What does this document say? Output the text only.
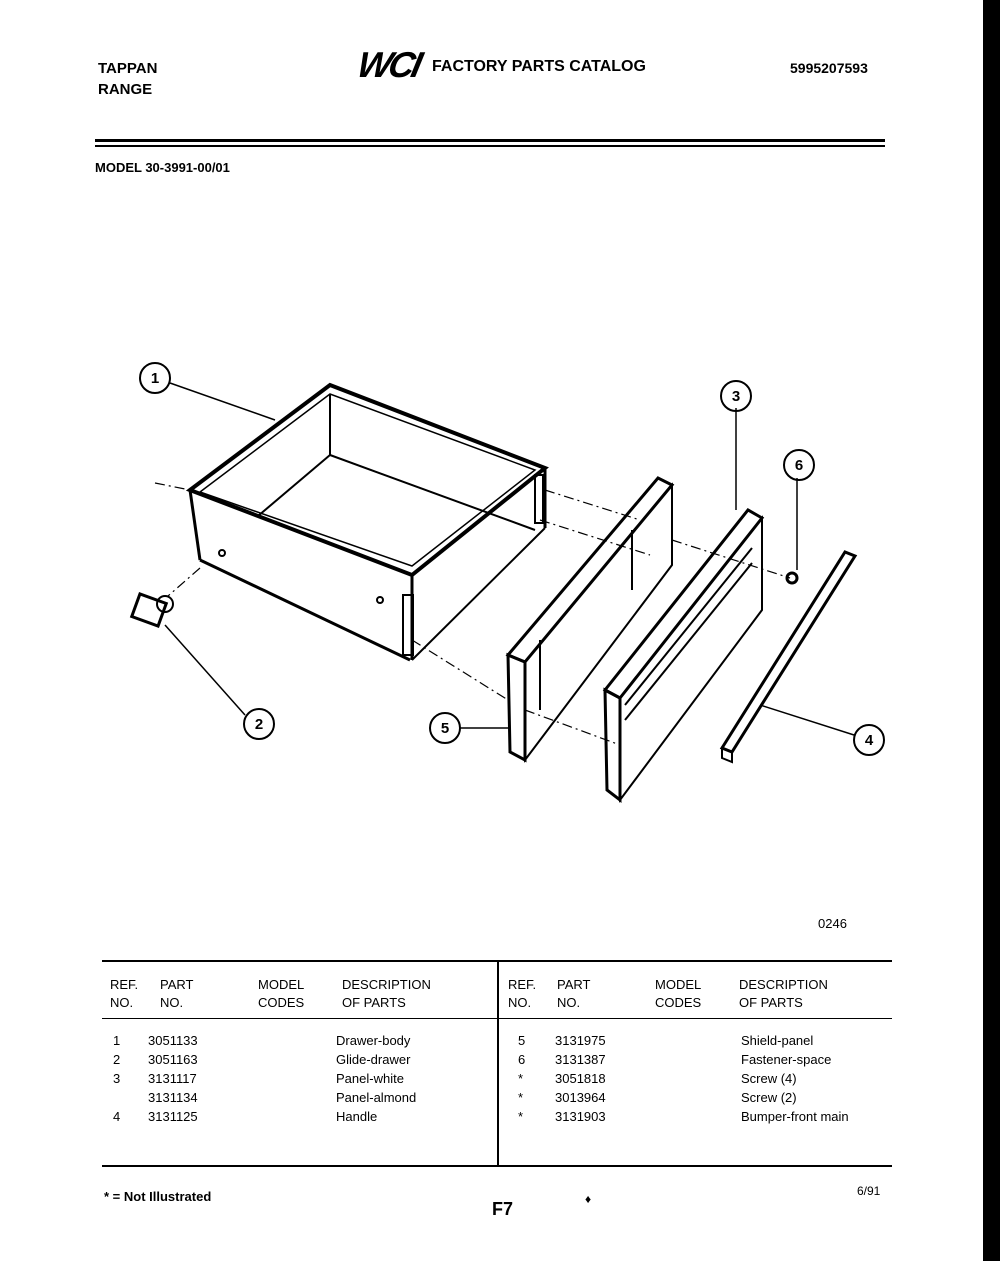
TAPPAN
RANGE
WCI FACTORY PARTS CATALOG	5995207593
MODEL 30-3991-00/01
1
2
3
4
5
6
0246
REF.
NO.
PART
NO.
MODEL
CODES
DESCRIPTION
OF PARTS
REF.
NO.
PART
NO.
MODEL
CODES
DESCRIPTION
OF PARTS
1
2
3

4
3051133
3051163
3131117
3131134
3131125
Drawer-body
Glide-drawer
Panel-white
Panel-almond
Handle
5
6
*
*
*
3131975
3131387
3051818
3013964
3131903
Shield-panel
Fastener-space
Screw (4)
Screw (2)
Bumper-front main
* = Not Illustrated
F7	♦
6/91
